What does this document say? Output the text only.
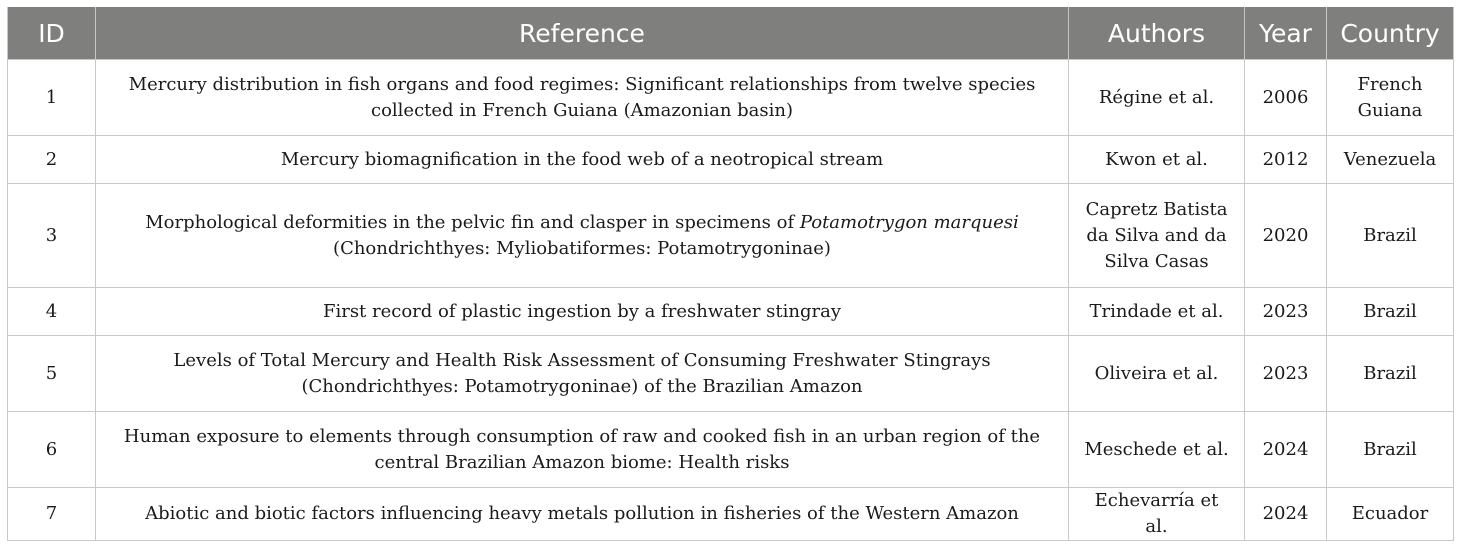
ID	Reference	Authors	Year	Country
1	Mercury distribution in fish organs and food regimes: Significant relationships from twelve species collected in French Guiana (Amazonian basin)	Régine et al.	2006	French Guiana
2	Mercury biomagnification in the food web of a neotropical stream	Kwon et al.	2012	Venezuela
3	Morphological deformities in the pelvic fin and clasper in specimens of Potamotrygon marquesi (Chondrichthyes: Myliobatiformes: Potamotrygoninae)	Capretz Batista da Silva and da Silva Casas	2020	Brazil
4	First record of plastic ingestion by a freshwater stingray	Trindade et al.	2023	Brazil
5	Levels of Total Mercury and Health Risk Assessment of Consuming Freshwater Stingrays (Chondrichthyes: Potamotrygoninae) of the Brazilian Amazon	Oliveira et al.	2023	Brazil
6	Human exposure to elements through consumption of raw and cooked fish in an urban region of the central Brazilian Amazon biome: Health risks	Meschede et al.	2024	Brazil
7	Abiotic and biotic factors influencing heavy metals pollution in fisheries of the Western Amazon	Echevarría et al.	2024	Ecuador
